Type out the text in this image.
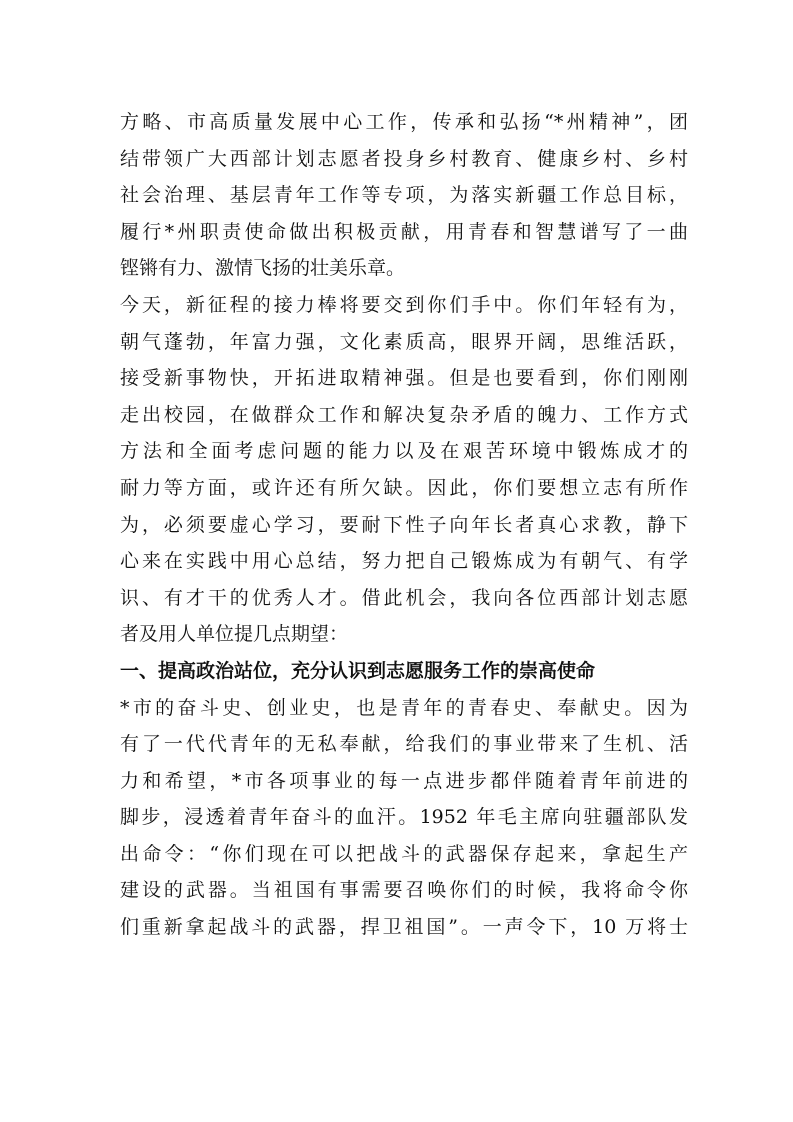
方略、市高质量发展中心工作，传承和弘扬“*州精神”，团
结带领广大西部计划志愿者投身乡村教育、健康乡村、乡村
社会治理、基层青年工作等专项，为落实新疆工作总目标，
履行*州职责使命做出积极贡献，用青春和智慧谱写了一曲
铿锵有力、激情飞扬的壮美乐章。
今天，新征程的接力棒将要交到你们手中。你们年轻有为，
朝气蓬勃，年富力强，文化素质高，眼界开阔，思维活跃，
接受新事物快，开拓进取精神强。但是也要看到，你们刚刚
走出校园，在做群众工作和解决复杂矛盾的魄力、工作方式
方法和全面考虑问题的能力以及在艰苦环境中锻炼成才的
耐力等方面，或许还有所欠缺。因此，你们要想立志有所作
为，必须要虚心学习，要耐下性子向年长者真心求教，静下
心来在实践中用心总结，努力把自己锻炼成为有朝气、有学
识、有才干的优秀人才。借此机会，我向各位西部计划志愿
者及用人单位提几点期望：
一、提高政治站位，充分认识到志愿服务工作的崇高使命
*市的奋斗史、创业史，也是青年的青春史、奉献史。因为
有了一代代青年的无私奉献，给我们的事业带来了生机、活
力和希望，*市各项事业的每一点进步都伴随着青年前进的
脚步，浸透着青年奋斗的血汗。1952 年毛主席向驻疆部队发
出命令：“你们现在可以把战斗的武器保存起来，拿起生产
建设的武器。当祖国有事需要召唤你们的时候，我将命令你
们重新拿起战斗的武器，捍卫祖国”。一声令下，10 万将士
